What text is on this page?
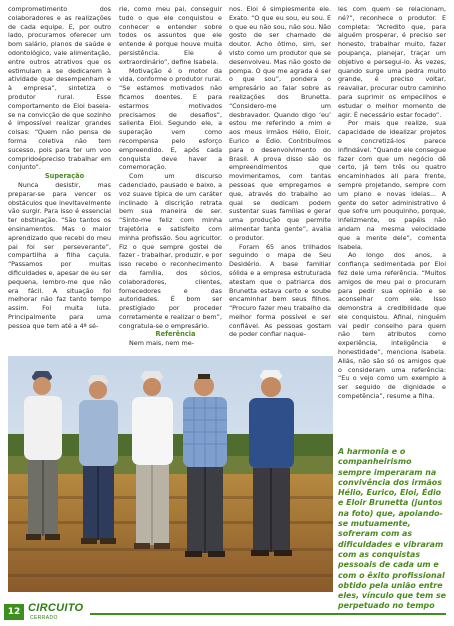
comprometimento dos colaboradores e as realizações de cada equipe. E, por outro lado, procuramos oferecer um bom salário, planos de saúde e odontológico, vale alimentação, entre outros atrativos que os estimulam a se dedicarem à atividade que desempenham e à empresa”, sintetiza o produtor rural. Esse comportamento de Eloi baseia-se na convicção de que sozinho é impossível realizar grandes coisas: “Quem não pensa de forma coletiva não tem sucesso, pois para ter um voo compridoépreciso trabalhar em conjunto”.

Superação

Nunca desistir, mas preparar-se para vencer os obstáculos que inevitavelmente vão surgir. Para isso é essencial ter obstinação. “São tantos os ensinamentos. Mas o maior aprendizado que recebi do meu pai foi ser perseverante”, compartilha a filha caçula. “Passamos por muitas dificuldades e, apesar de eu ser pequena, lembro-me que não era fácil. A situação foi melhorar não faz tanto tempo assim. Foi muita luta. Principalmente para uma pessoa que tem até a 4ª sé-

rie, como meu pai, conseguir tudo o que ele conquistou e conhecer e entender sobre todos os assuntos que ele entende é porque houve muita persistência. Ele é extraordinário”, define Isabela.

Motivação é o motor da vida, conforme o produtor rural. “Se estamos motivados não ficamos doentes. E para estarmos motivados precisamos de desafios”, salienta Eloi. Segundo ele, a superação vem como recompensa pelo esforço empreendido. E, após cada conquista deve haver a comemoração.

Com um discurso cadenciado, pausado e baixo, a voz suave típica de um caráter inclinado à discrição retrata bem sua maneira de ser. “Sinto-me feliz com minha trajetória e satisfeito com minha profissão. Sou agricultor. Fiz o que sempre gostei de fazer - trabalhar, produzir, e por isso recebo o reconhecimento da família, dos sócios, colaboradores, clientes, fornecedores e das autoridades. É bom ser prestigiado por proceder corretamente e realizar o bem”, congratula-se o empresário.

Referência

Nem mais, nem me-

nos. Eloi é simplesmente ele. Exato. “O que eu sou, eu sou. E o que eu não sou, não sou. Não gosto de ser chamado de doutor. Acho ótimo, sim, ser visto como um produtor que se desenvolveu. Mas não gosto de pompa. O que me agrada é ser o que sou”, pondera o empresário ao falar sobre as realizações dos Brunetta. “Considero-me um desbravador. Quando digo ‘eu’ estou me referindo a mim e aos meus irmãos Hélio, Eloir, Eurico e Édio. Contribuímos para o desenvolvimento do Brasil. A prova disso são os empreendimentos que movimentamos, com tantas pessoas que empregamos e que, através do trabalho ao qual se dedicam podem sustentar suas famílias e gerar uma produção que permite alimentar tanta gente”, avalia o produtor.

Foram 65 anos trilhados seguindo o mapa de Seu Desidério. A base familiar sólida e a empresa estruturada atestam que o patriarca dos Brunetta estava certo e soube encaminhar bem seus filhos. “Procuro fazer meu trabalho da melhor forma possível e ser confiável. As pessoas gostam de poder confiar naque-

les com quem se relacionam, né?”, reconhece o produtor. E completa: “Acredito que, para alguém prosperar, é preciso ser honesto, trabalhar muito, fazer poupança, planejar, traçar um objetivo e persegui-lo. Às vezes, quando surge uma pedra muito grande, é preciso voltar, reavaliar, procurar outro caminho para suprimir os empecilhos e estudar o melhor momento de agir. É necessário estar focado”.

Por mais que realize, sua capacidade de idealizar projetos e concretizá-los parece infindável. “Quando ele consegue fazer com que um negócio dê certo, já tem três ou quatro encaminhados ali para frente, sempre projetando, sempre com um plano e novas ideias... A gente do setor administrativo é que sofre um pouquinho, porque, infelizmente, os papéis não andam na mesma velocidade que a mente dele”, comenta Isabela.

Ao longo dos anos, a confiança sedimentada por Eloi fez dele uma referência. “Muitos amigos de meu pai o procuram para pedir sua opinião e se aconselhar com ele. Isso demonstra a credibilidade que ele conquistou. Afinal, ninguém vai pedir conselho para quem não tem atributos como experiência, inteligência e honestidade”, menciona Isabela. Aliás, não são só os amigos que o consideram uma referência: “Eu o vejo como um exemplo a ser seguido de dignidade e competência”, resume a filha.

A harmonia e o companheirismo sempre imperaram na convivência dos irmãos Hélio, Eurico, Eloi, Édio e Eloir Brunetta (juntos na foto) que, apoiando-se mutuamente, sofreram com as dificuldades e vibraram com as conquistas pessoais de cada um e com o êxito profissional obtido pela união entre eles, vínculo que tem se perpetuado no tempo

12 CIRCUITO
CERRADO
